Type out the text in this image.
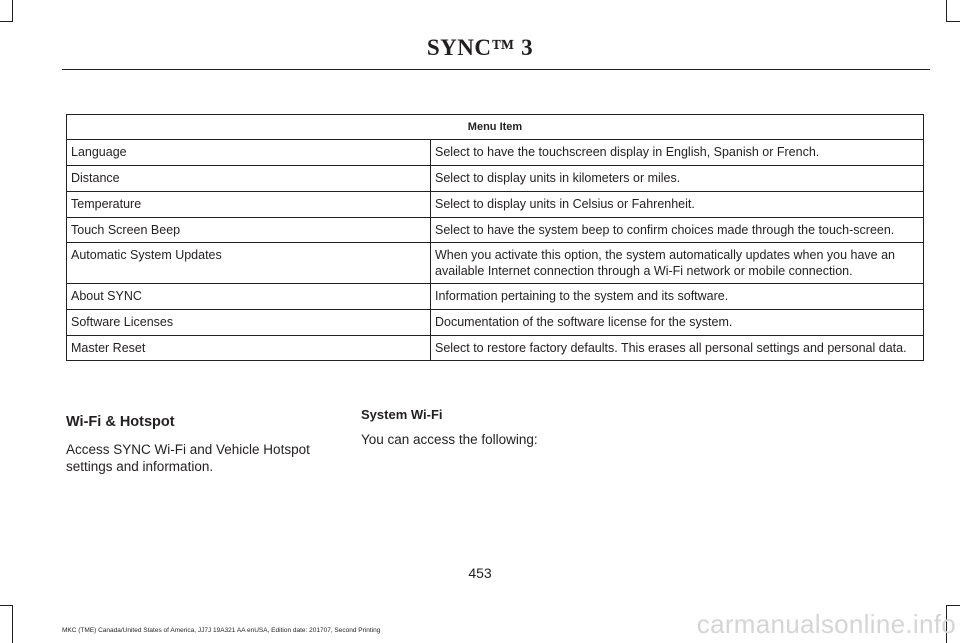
SYNC™ 3
Menu Item	
Language	Select to have the touchscreen display in English, Spanish or French.
Distance	Select to display units in kilometers or miles.
Temperature	Select to display units in Celsius or Fahrenheit.
Touch Screen Beep	Select to have the system beep to confirm choices made through the touch-screen.
Automatic System Updates	When you activate this option, the system automatically updates when you have an available Internet connection through a Wi-Fi network or mobile connection.
About SYNC	Information pertaining to the system and its software.
Software Licenses	Documentation of the software license for the system.
Master Reset	Select to restore factory defaults. This erases all personal settings and personal data.
Wi-Fi & Hotspot
Access SYNC Wi-Fi and Vehicle Hotspot settings and information.
System Wi-Fi
You can access the following:
453
MKC (TME) Canada/United States of America, JJ7J 19A321 AA enUSA, Edition date: 201707, Second Printing	carmanualsonline.info
